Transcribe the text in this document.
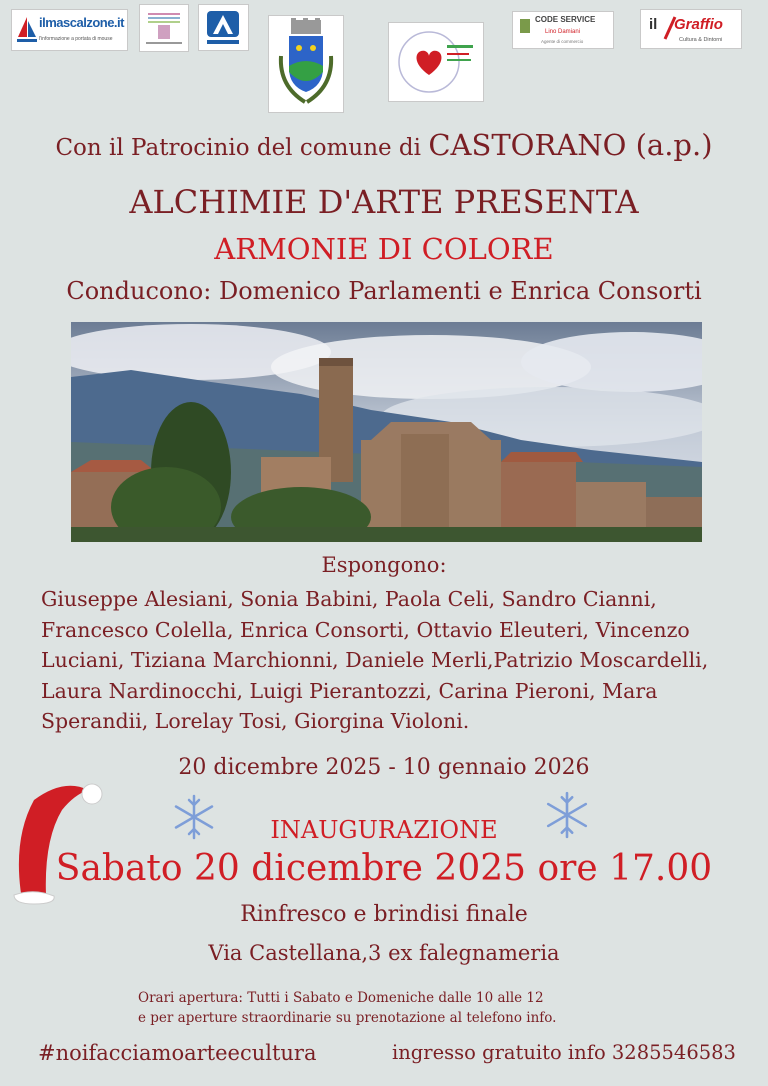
ilmascalzone.it
l'informazione a portata di mouse
CODE SERVICE
Lino Damiani
Agente di commercio
il Graffio
Cultura & Dintorni
Con il Patrocinio del comune di CASTORANO (a.p.)
ALCHIMIE D'ARTE PRESENTA
ARMONIE DI COLORE
Conducono: Domenico Parlamenti e Enrica Consorti
Espongono:
Giuseppe Alesiani, Sonia Babini, Paola Celi, Sandro Cianni,
Francesco Colella, Enrica Consorti, Ottavio Eleuteri, Vincenzo
Luciani, Tiziana Marchionni, Daniele Merli,Patrizio Moscardelli,
Laura Nardinocchi, Luigi Pierantozzi, Carina Pieroni, Mara
Sperandii, Lorelay Tosi, Giorgina Violoni.
20 dicembre 2025 - 10 gennaio 2026
INAUGURAZIONE
Sabato 20 dicembre 2025 ore 17.00
Rinfresco e brindisi finale
Via Castellana,3 ex falegnameria
Orari apertura: Tutti i Sabato e Domeniche dalle 10 alle 12
e per aperture straordinarie su prenotazione al telefono info.
#noifacciamoarteecultura	ingresso gratuito info 3285546583
